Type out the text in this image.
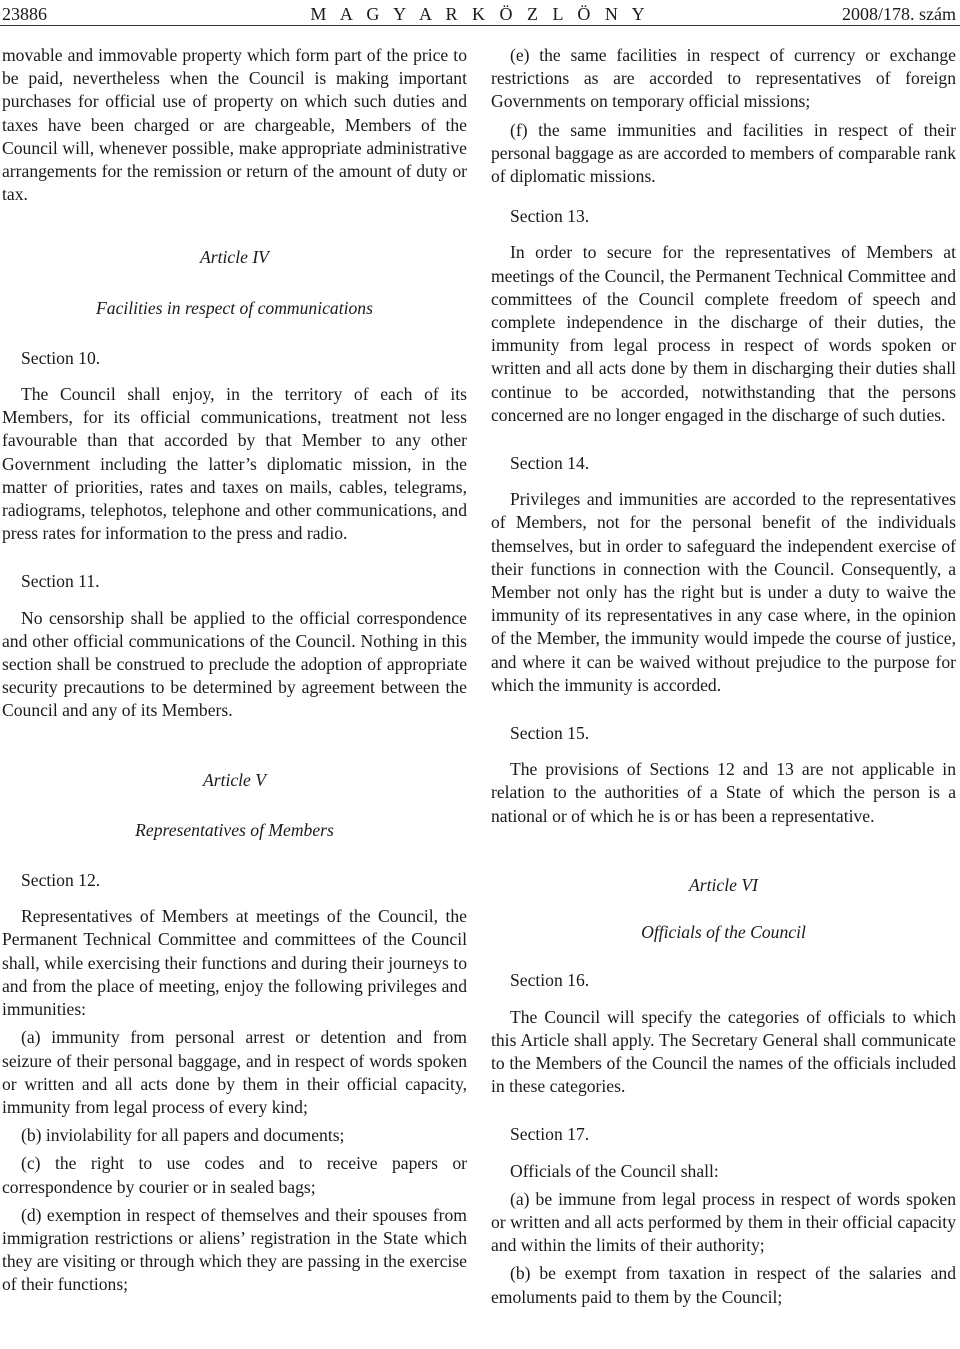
23886	M A G Y A R K Ö Z L Ö N Y	2008/178. szám

movable and immovable property which form part of the price to be paid, nevertheless when the Council is making important purchases for official use of property on which such duties and taxes have been charged or are chargeable, Members of the Council will, whenever possible, make appropriate administrative arrangements for the remission or return of the amount of duty or tax.

Article IV

Facilities in respect of communications

Section 10.

The Council shall enjoy, in the territory of each of its Members, for its official communications, treatment not less favourable than that accorded by that Member to any other Government including the latter’s diplomatic mission, in the matter of priorities, rates and taxes on mails, cables, telegrams, radiograms, telephotos, telephone and other communications, and press rates for information to the press and radio.

Section 11.

No censorship shall be applied to the official correspondence and other official communications of the Council. Nothing in this section shall be construed to preclude the adoption of appropriate security precautions to be determined by agreement between the Council and any of its Members.

Article V

Representatives of Members

Section 12.

Representatives of Members at meetings of the Council, the Permanent Technical Committee and committees of the Council shall, while exercising their functions and during their journeys to and from the place of meeting, enjoy the following privileges and immunities:

(a) immunity from personal arrest or detention and from seizure of their personal baggage, and in respect of words spoken or written and all acts done by them in their official capacity, immunity from legal process of every kind;

(b) inviolability for all papers and documents;

(c) the right to use codes and to receive papers or correspondence by courier or in sealed bags;

(d) exemption in respect of themselves and their spouses from immigration restrictions or aliens’ registration in the State which they are visiting or through which they are passing in the exercise of their functions;

(e) the same facilities in respect of currency or exchange restrictions as are accorded to representatives of foreign Governments on temporary official missions;

(f) the same immunities and facilities in respect of their personal baggage as are accorded to members of comparable rank of diplomatic missions.

Section 13.

In order to secure for the representatives of Members at meetings of the Council, the Permanent Technical Committee and committees of the Council complete freedom of speech and complete independence in the discharge of their duties, the immunity from legal process in respect of words spoken or written and all acts done by them in discharging their duties shall continue to be accorded, notwithstanding that the persons concerned are no longer engaged in the discharge of such duties.

Section 14.

Privileges and immunities are accorded to the representatives of Members, not for the personal benefit of the individuals themselves, but in order to safeguard the independent exercise of their functions in connection with the Council. Consequently, a Member not only has the right but is under a duty to waive the immunity of its representatives in any case where, in the opinion of the Member, the immunity would impede the course of justice, and where it can be waived without prejudice to the purpose for which the immunity is accorded.

Section 15.

The provisions of Sections 12 and 13 are not applicable in relation to the authorities of a State of which the person is a national or of which he is or has been a representative.

Article VI

Officials of the Council

Section 16.

The Council will specify the categories of officials to which this Article shall apply. The Secretary General shall communicate to the Members of the Council the names of the officials included in these categories.

Section 17.

Officials of the Council shall:

(a) be immune from legal process in respect of words spoken or written and all acts performed by them in their official capacity and within the limits of their authority;

(b) be exempt from taxation in respect of the salaries and emoluments paid to them by the Council;
